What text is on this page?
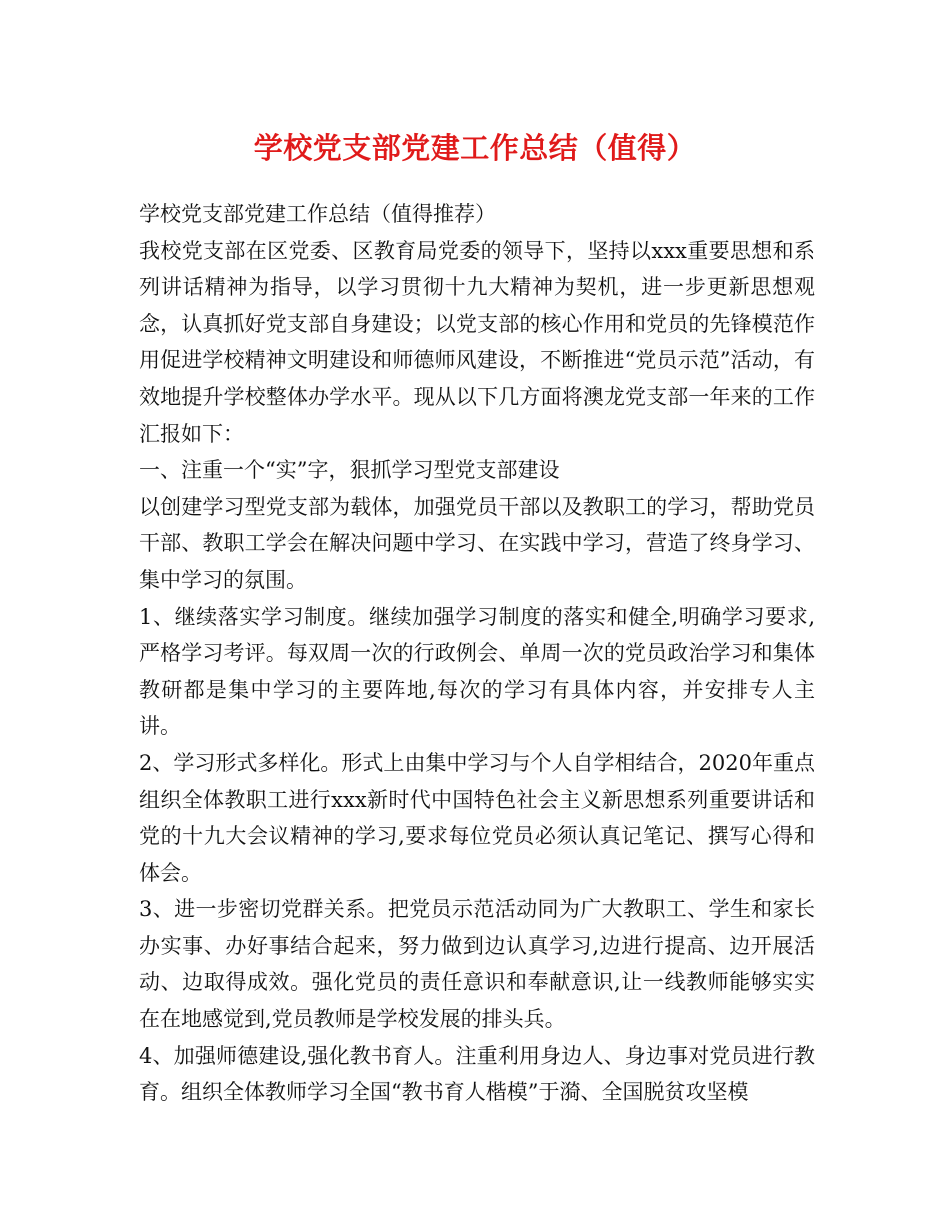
学校党支部党建工作总结（值得）

学校党支部党建工作总结（值得推荐）

我校党支部在区党委、区教育局党委的领导下，坚持以xxx重要思想和系列讲话精神为指导，以学习贯彻十九大精神为契机，进一步更新思想观念，认真抓好党支部自身建设；以党支部的核心作用和党员的先锋模范作用促进学校精神文明建设和师德师风建设，不断推进“党员示范”活动，有效地提升学校整体办学水平。现从以下几方面将澳龙党支部一年来的工作汇报如下：

一、注重一个“实”字，狠抓学习型党支部建设

以创建学习型党支部为载体，加强党员干部以及教职工的学习，帮助党员干部、教职工学会在解决问题中学习、在实践中学习，营造了终身学习、集中学习的氛围。

1、继续落实学习制度。继续加强学习制度的落实和健全,明确学习要求,严格学习考评。每双周一次的行政例会、单周一次的党员政治学习和集体教研都是集中学习的主要阵地,每次的学习有具体内容，并安排专人主讲。

2、学习形式多样化。形式上由集中学习与个人自学相结合，2020年重点组织全体教职工进行xxx新时代中国特色社会主义新思想系列重要讲话和党的十九大会议精神的学习,要求每位党员必须认真记笔记、撰写心得和体会。

3、进一步密切党群关系。把党员示范活动同为广大教职工、学生和家长办实事、办好事结合起来，努力做到边认真学习,边进行提高、边开展活动、边取得成效。强化党员的责任意识和奉献意识,让一线教师能够实实在在地感觉到,党员教师是学校发展的排头兵。

4、加强师德建设,强化教书育人。注重利用身边人、身边事对党员进行教育。组织全体教师学习全国“教书育人楷模”于漪、全国脱贫攻坚模
